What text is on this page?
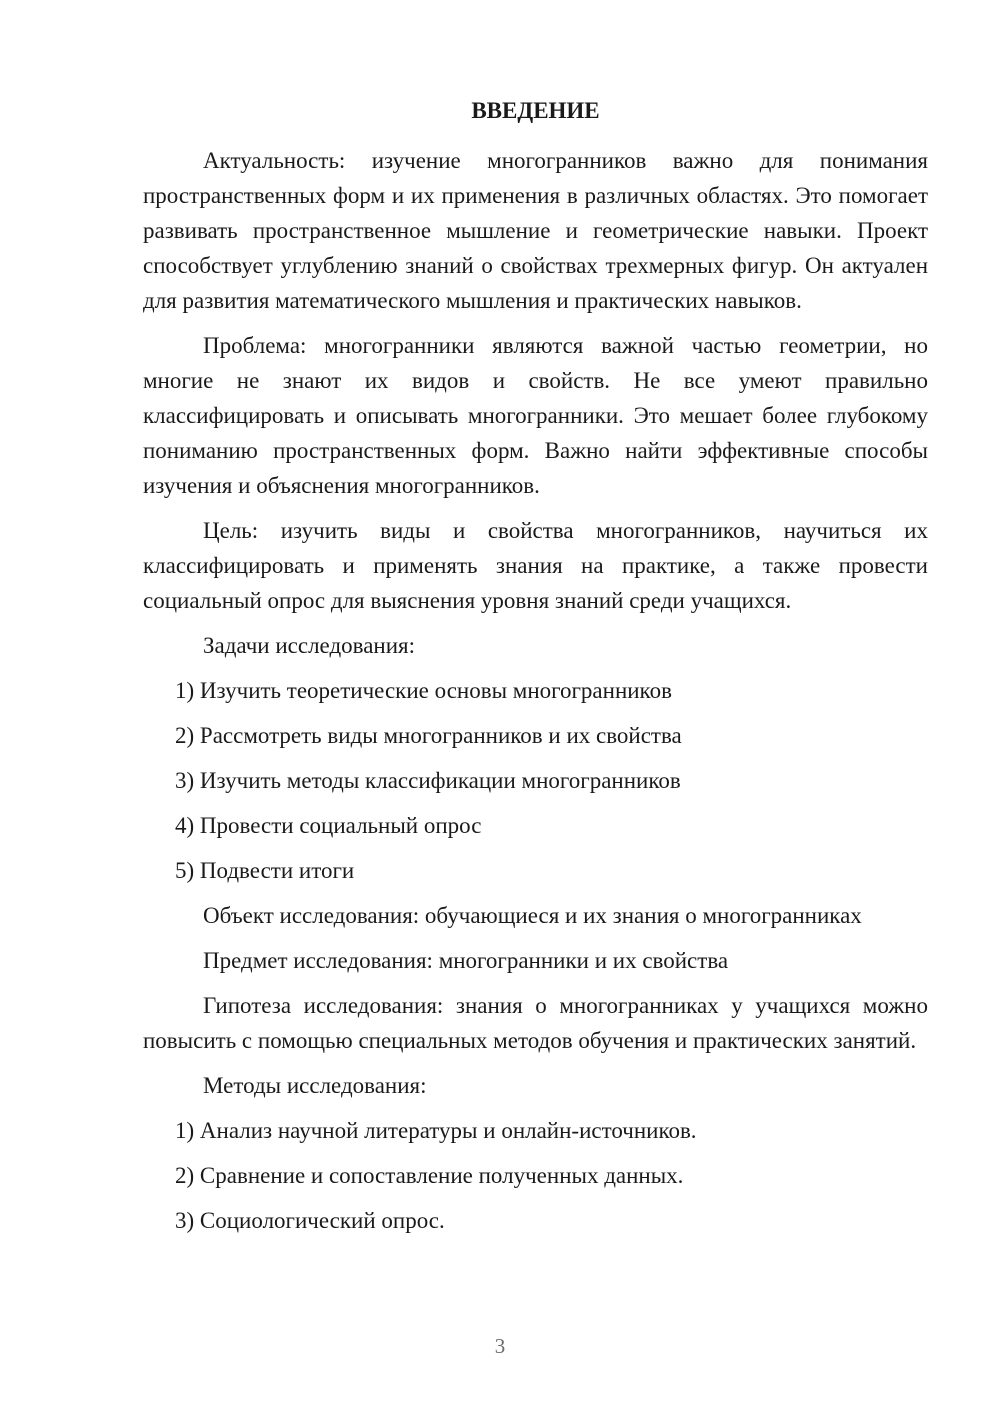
ВВЕДЕНИЕ

Актуальность: изучение многогранников важно для понимания пространственных форм и их применения в различных областях. Это помогает развивать пространственное мышление и геометрические навыки. Проект способствует углублению знаний о свойствах трехмерных фигур. Он актуален для развития математического мышления и практических навыков.

Проблема: многогранники являются важной частью геометрии, но многие не знают их видов и свойств. Не все умеют правильно классифицировать и описывать многогранники. Это мешает более глубокому пониманию пространственных форм. Важно найти эффективные способы изучения и объяснения многогранников.

Цель: изучить виды и свойства многогранников, научиться их классифицировать и применять знания на практике, а также провести социальный опрос для выяснения уровня знаний среди учащихся.

Задачи исследования:
1) Изучить теоретические основы многогранников
2) Рассмотреть виды многогранников и их свойства
3) Изучить методы классификации многогранников
4) Провести социальный опрос
5) Подвести итоги
Объект исследования: обучающиеся и их знания о многогранниках
Предмет исследования: многогранники и их свойства

Гипотеза исследования: знания о многогранниках у учащихся можно повысить с помощью специальных методов обучения и практических занятий.

Методы исследования:
1) Анализ научной литературы и онлайн-источников.
2) Сравнение и сопоставление полученных данных.
3) Социологический опрос.
3
